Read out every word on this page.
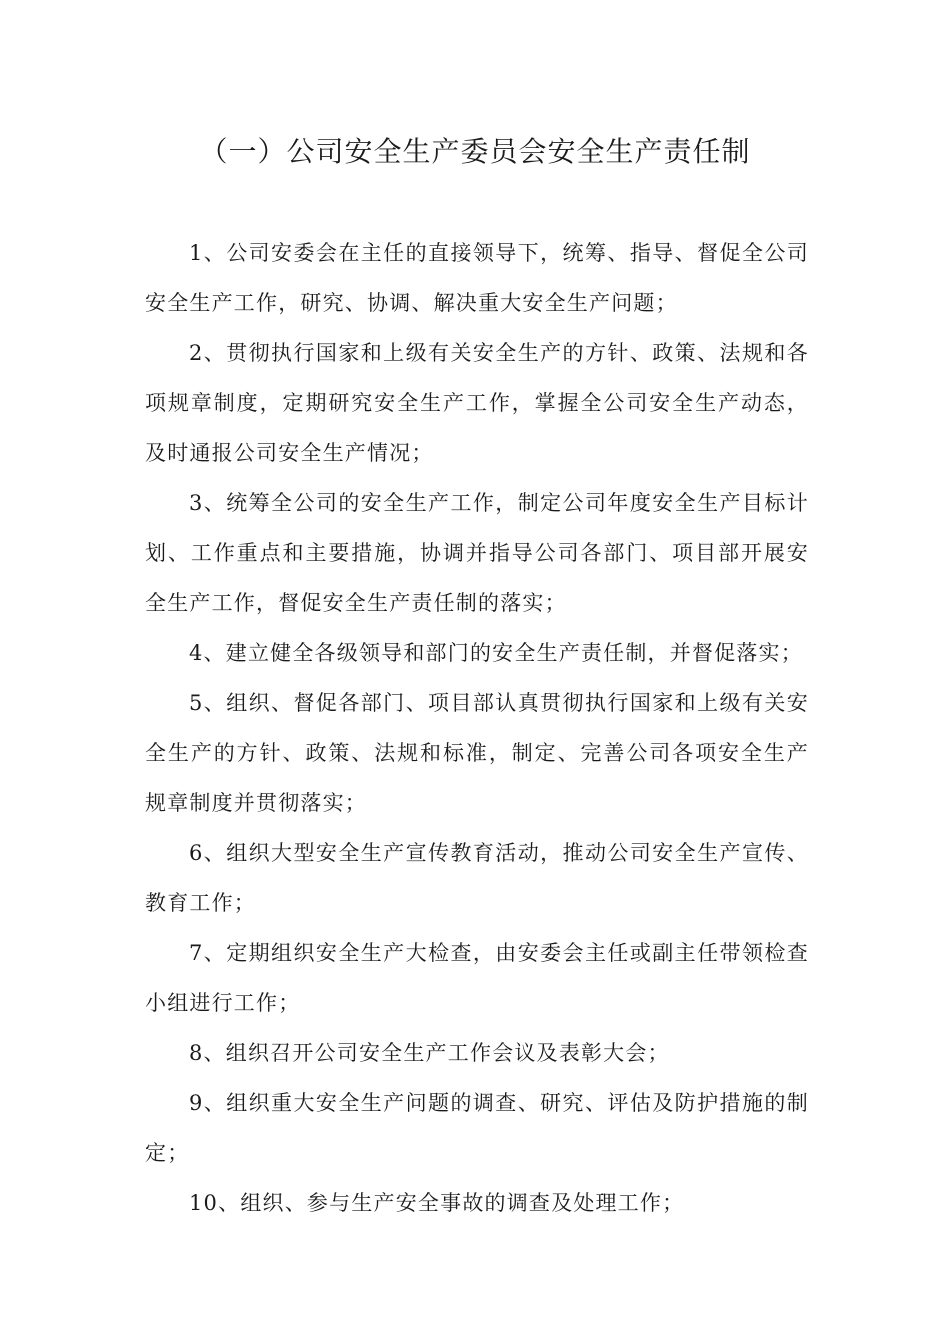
（一）公司安全生产委员会安全生产责任制

1、公司安委会在主任的直接领导下，统筹、指导、督促全公司安全生产工作，研究、协调、解决重大安全生产问题；

2、贯彻执行国家和上级有关安全生产的方针、政策、法规和各项规章制度，定期研究安全生产工作，掌握全公司安全生产动态，及时通报公司安全生产情况；

3、统筹全公司的安全生产工作，制定公司年度安全生产目标计划、工作重点和主要措施，协调并指导公司各部门、项目部开展安全生产工作，督促安全生产责任制的落实；

4、建立健全各级领导和部门的安全生产责任制，并督促落实；

5、组织、督促各部门、项目部认真贯彻执行国家和上级有关安全生产的方针、政策、法规和标准，制定、完善公司各项安全生产规章制度并贯彻落实；

6、组织大型安全生产宣传教育活动，推动公司安全生产宣传、教育工作；

7、定期组织安全生产大检查，由安委会主任或副主任带领检查小组进行工作；

8、组织召开公司安全生产工作会议及表彰大会；

9、组织重大安全生产问题的调查、研究、评估及防护措施的制定；

10、组织、参与生产安全事故的调查及处理工作；
